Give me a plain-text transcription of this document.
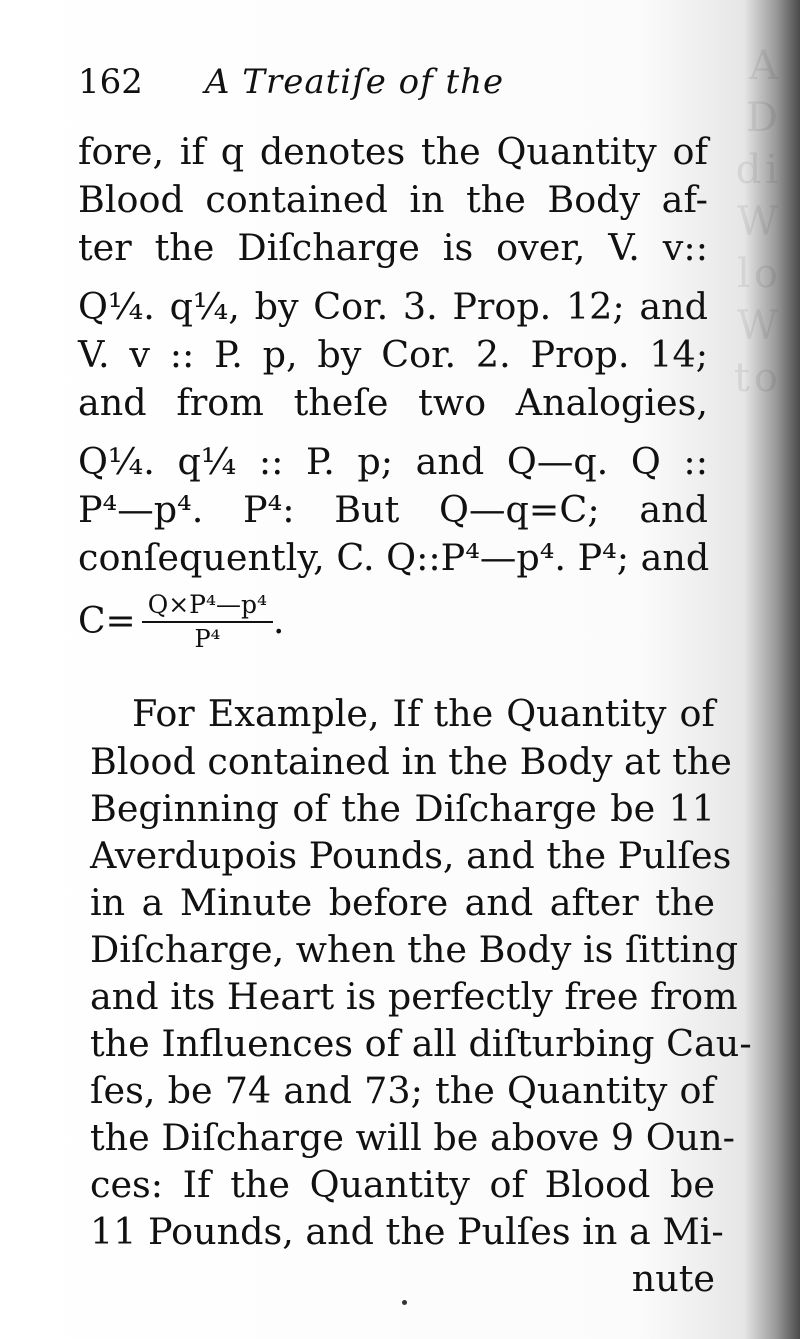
A
D
di
W
lo
W
to
162 A Treatiſe of the
fore, if q denotes the Quantity of
Blood contained in the Body af-
ter the Diſcharge is over, V. v::
Q¼. q¼, by Cor. 3. Prop. 12; and
V. v :: P. p, by Cor. 2. Prop. 14;
and from theſe two Analogies,
Q¼. q¼ :: P. p; and Q—q. Q ::
P⁴—p⁴. P⁴: But Q—q=C; and
conſequently, C. Q::P⁴—p⁴. P⁴; and
$C= \frac{\text{Q×P⁴—p⁴}}{\text{P⁴}}$ .
For Example, If the Quantity of
Blood contained in the Body at the
Beginning of the Diſcharge be 11
Averdupois Pounds, and the Pulſes
in a Minute before and after the
Diſcharge, when the Body is ſitting
and its Heart is perfectly free from
the Influences of all diſturbing Cau-
ſes, be 74 and 73; the Quantity of
the Diſcharge will be above 9 Oun-
ces: If the Quantity of Blood be
11 Pounds, and the Pulſes in a Mi-
nute
